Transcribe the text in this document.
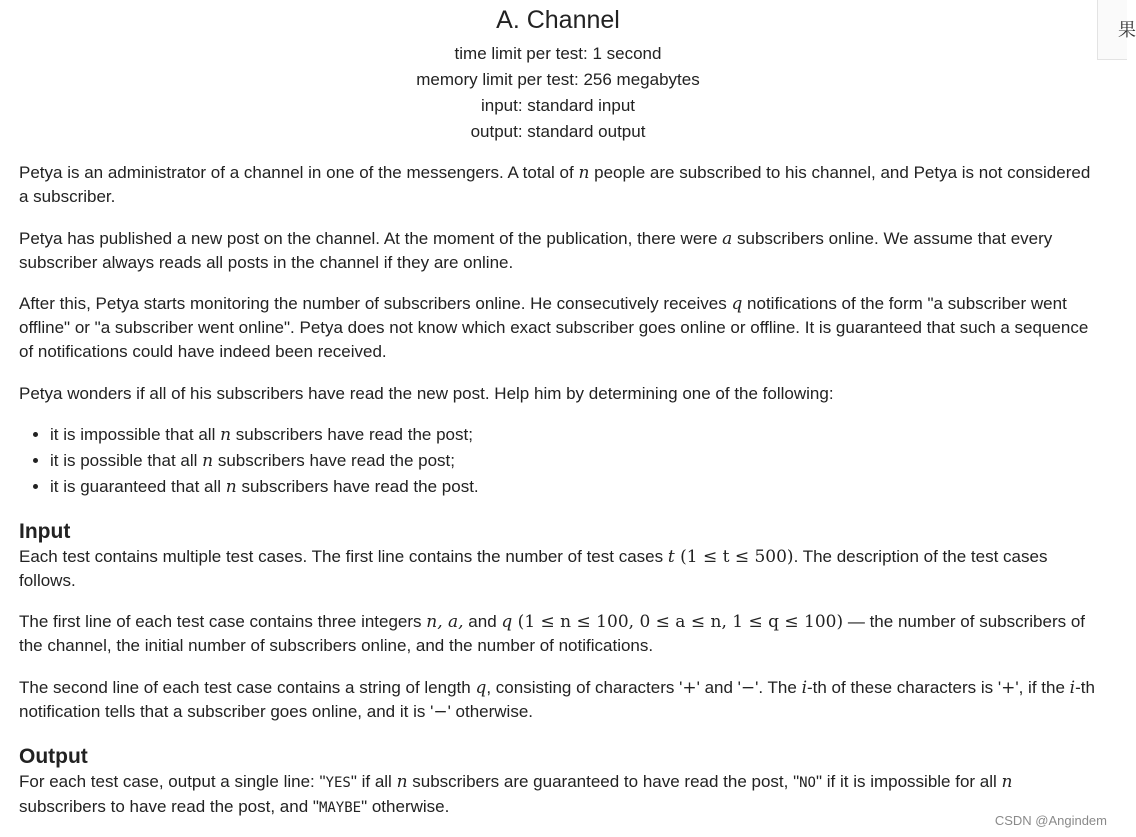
A. Channel
time limit per test: 1 second
memory limit per test: 256 megabytes
input: standard input
output: standard output

Petya is an administrator of a channel in one of the messengers. A total of n people are subscribed to his channel, and Petya is not considered a subscriber.

Petya has published a new post on the channel. At the moment of the publication, there were a subscribers online. We assume that every subscriber always reads all posts in the channel if they are online.

After this, Petya starts monitoring the number of subscribers online. He consecutively receives q notifications of the form "a subscriber went offline" or "a subscriber went online". Petya does not know which exact subscriber goes online or offline. It is guaranteed that such a sequence of notifications could have indeed been received.

Petya wonders if all of his subscribers have read the new post. Help him by determining one of the following:

• it is impossible that all n subscribers have read the post;
• it is possible that all n subscribers have read the post;
• it is guaranteed that all n subscribers have read the post.
Input

Each test contains multiple test cases. The first line contains the number of test cases t (1 ≤ t ≤ 500). The description of the test cases follows.

The first line of each test case contains three integers n, a, and q (1 ≤ n ≤ 100, 0 ≤ a ≤ n, 1 ≤ q ≤ 100) — the number of subscribers of the channel, the initial number of subscribers online, and the number of notifications.

The second line of each test case contains a string of length q, consisting of characters '+' and '−'. The i-th of these characters is '+', if the i-th notification tells that a subscriber goes online, and it is '−' otherwise.

Output

For each test case, output a single line: "YES" if all n subscribers are guaranteed to have read the post, "NO" if it is impossible for all n subscribers to have read the post, and "MAYBE" otherwise.

果
CSDN @Angindem
